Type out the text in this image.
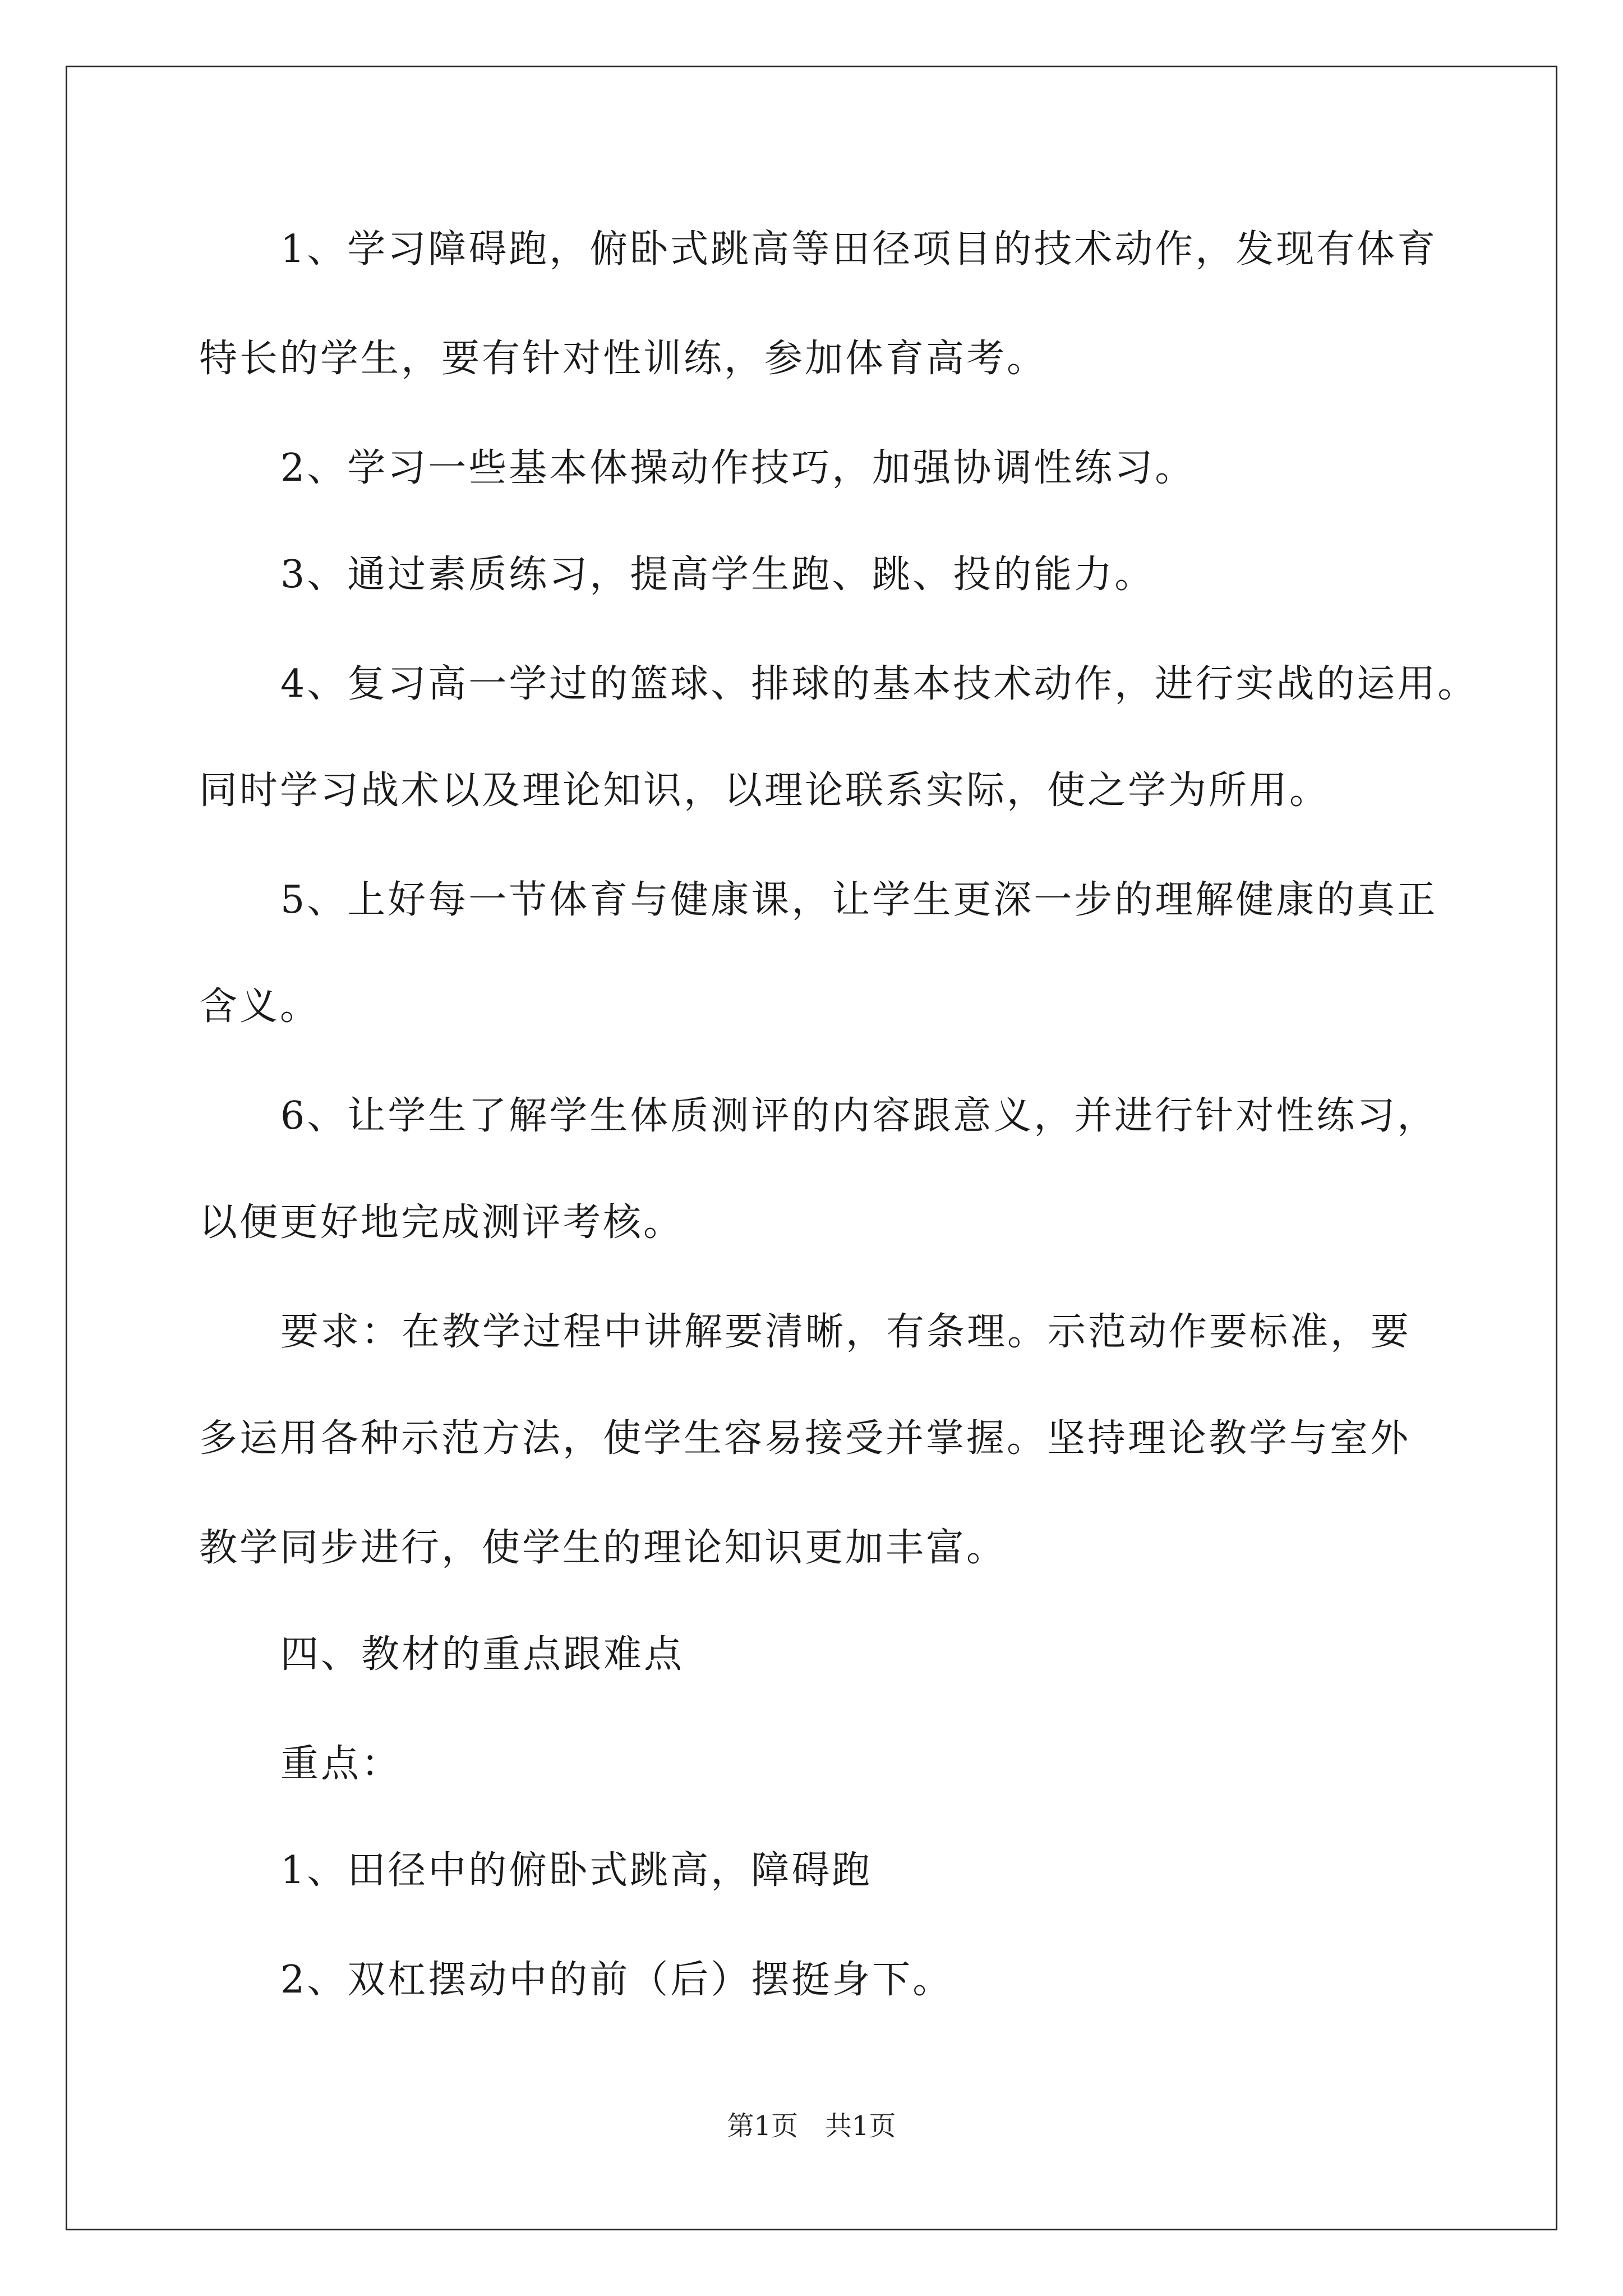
1、学习障碍跑，俯卧式跳高等田径项目的技术动作，发现有体育
特长的学生，要有针对性训练，参加体育高考。
2、学习一些基本体操动作技巧，加强协调性练习。
3、通过素质练习，提高学生跑、跳、投的能力。
4、复习高一学过的篮球、排球的基本技术动作，进行实战的运用。
同时学习战术以及理论知识，以理论联系实际，使之学为所用。
5、上好每一节体育与健康课，让学生更深一步的理解健康的真正
含义。
6、让学生了解学生体质测评的内容跟意义，并进行针对性练习，
以便更好地完成测评考核。
要求：在教学过程中讲解要清晰，有条理。示范动作要标准，要
多运用各种示范方法，使学生容易接受并掌握。坚持理论教学与室外
教学同步进行，使学生的理论知识更加丰富。
四、教材的重点跟难点
重点：
1、田径中的俯卧式跳高，障碍跑
2、双杠摆动中的前（后）摆挺身下。
第1页　共1页
